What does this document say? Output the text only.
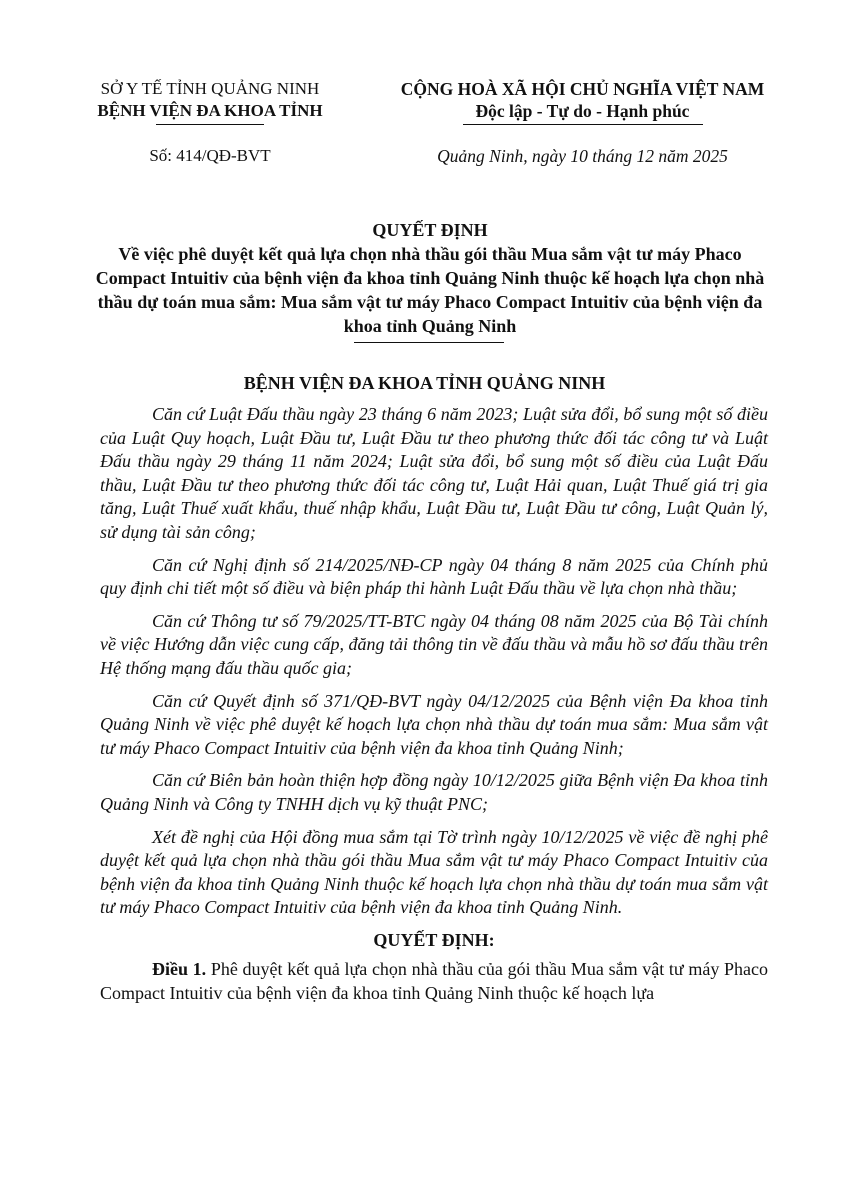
SỞ Y TẾ TỈNH QUẢNG NINH
BỆNH VIỆN ĐA KHOA TỈNH
CỘNG HOÀ XÃ HỘI CHỦ NGHĨA VIỆT NAM
Độc lập - Tự do - Hạnh phúc
Số: 414/QĐ-BVT	Quảng Ninh, ngày 10 tháng 12 năm 2025
QUYẾT ĐỊNH
Về việc phê duyệt kết quả lựa chọn nhà thầu gói thầu Mua sắm vật tư máy Phaco Compact Intuitiv của bệnh viện đa khoa tỉnh Quảng Ninh thuộc kế hoạch lựa chọn nhà thầu dự toán mua sắm: Mua sắm vật tư máy Phaco Compact Intuitiv của bệnh viện đa khoa tỉnh Quảng Ninh
BỆNH VIỆN ĐA KHOA TỈNH QUẢNG NINH

Căn cứ Luật Đấu thầu ngày 23 tháng 6 năm 2023; Luật sửa đổi, bổ sung một số điều của Luật Quy hoạch, Luật Đầu tư, Luật Đầu tư theo phương thức đối tác công tư và Luật Đấu thầu ngày 29 tháng 11 năm 2024; Luật sửa đổi, bổ sung một số điều của Luật Đấu thầu, Luật Đầu tư theo phương thức đối tác công tư, Luật Hải quan, Luật Thuế giá trị gia tăng, Luật Thuế xuất khẩu, thuế nhập khẩu, Luật Đầu tư, Luật Đầu tư công, Luật Quản lý, sử dụng tài sản công;

Căn cứ Nghị định số 214/2025/NĐ-CP ngày 04 tháng 8 năm 2025 của Chính phủ quy định chi tiết một số điều và biện pháp thi hành Luật Đấu thầu về lựa chọn nhà thầu;

Căn cứ Thông tư số 79/2025/TT-BTC ngày 04 tháng 08 năm 2025 của Bộ Tài chính về việc Hướng dẫn việc cung cấp, đăng tải thông tin về đấu thầu và mẫu hồ sơ đấu thầu trên Hệ thống mạng đấu thầu quốc gia;

Căn cứ Quyết định số 371/QĐ-BVT ngày 04/12/2025 của Bệnh viện Đa khoa tỉnh Quảng Ninh về việc phê duyệt kế hoạch lựa chọn nhà thầu dự toán mua sắm: Mua sắm vật tư máy Phaco Compact Intuitiv của bệnh viện đa khoa tỉnh Quảng Ninh;

Căn cứ Biên bản hoàn thiện hợp đồng ngày 10/12/2025 giữa Bệnh viện Đa khoa tỉnh Quảng Ninh và Công ty TNHH dịch vụ kỹ thuật PNC;

Xét đề nghị của Hội đồng mua sắm tại Tờ trình ngày 10/12/2025 về việc đề nghị phê duyệt kết quả lựa chọn nhà thầu gói thầu Mua sắm vật tư máy Phaco Compact Intuitiv của bệnh viện đa khoa tỉnh Quảng Ninh thuộc kế hoạch lựa chọn nhà thầu dự toán mua sắm vật tư máy Phaco Compact Intuitiv của bệnh viện đa khoa tỉnh Quảng Ninh.

QUYẾT ĐỊNH:

Điều 1. Phê duyệt kết quả lựa chọn nhà thầu của gói thầu Mua sắm vật tư máy Phaco Compact Intuitiv của bệnh viện đa khoa tỉnh Quảng Ninh thuộc kế hoạch lựa
